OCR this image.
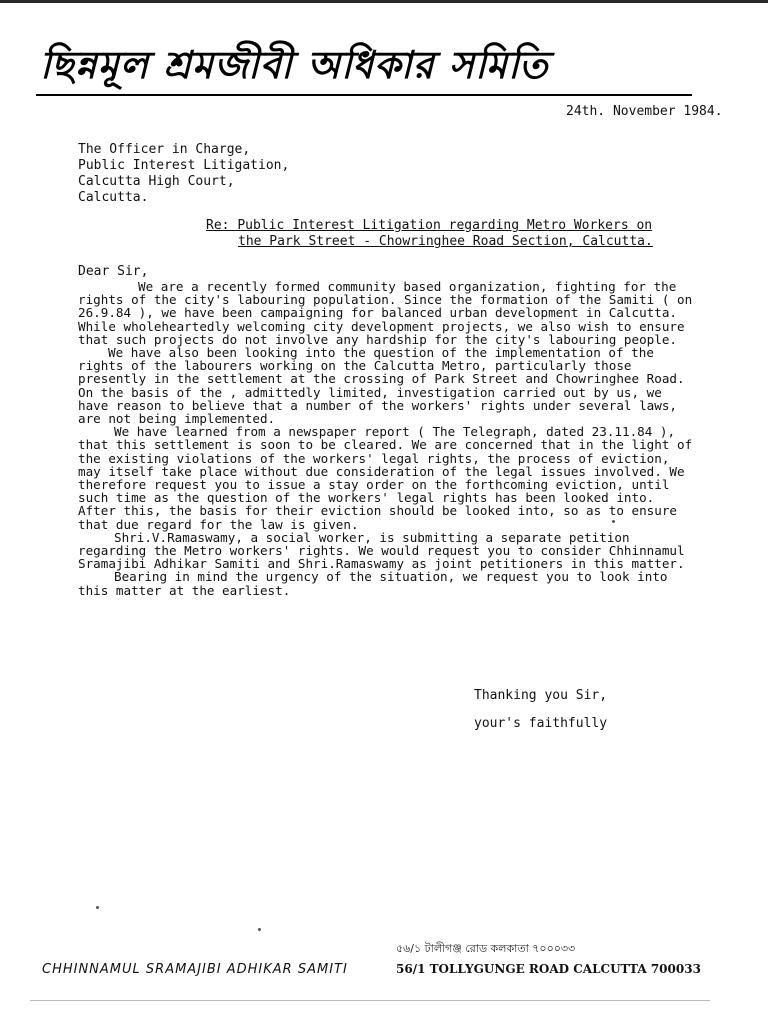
ছিন্নমূল শ্রমজীবী অধিকার সমিতি
24th. November 1984.
The Officer in Charge,
Public Interest Litigation,
Calcutta High Court,
Calcutta.
Re: Public Interest Litigation regarding Metro Workers on
the Park Street - Chowringhee Road Section, Calcutta.
Dear Sir,

We are a recently formed community based organization, fighting for the rights of the city's labouring population. Since the formation of the Samiti ( on 26.9.84 ), we have been campaigning for balanced urban development in Calcutta. While wholeheartedly welcoming city development projects, we also wish to ensure that such projects do not involve any hardship for the city's labouring people.

We have also been looking into the question of the implementation of the rights of the labourers working on the Calcutta Metro, particularly those presently in the settlement at the crossing of Park Street and Chowringhee Road. On the basis of the , admittedly limited, investigation carried out by us, we have reason to believe that a number of the workers' rights under several laws, are not being implemented.

We have learned from a newspaper report ( The Telegraph, dated 23.11.84 ), that this settlement is soon to be cleared. We are concerned that in the light of the existing violations of the workers' legal rights, the process of eviction, may itself take place without due consideration of the legal issues involved. We therefore request you to issue a stay order on the forthcoming eviction, until such time as the question of the workers' legal rights has been looked into. After this, the basis for their eviction should be looked into, so as to ensure that due regard for the law is given.

Shri.V.Ramaswamy, a social worker, is submitting a separate petition regarding the Metro workers' rights. We would request you to consider Chhinnamul Sramajibi Adhikar Samiti and Shri.Ramaswamy as joint petitioners in this matter.

Bearing in mind the urgency of the situation, we request you to look into this matter at the earliest.

Thanking you Sir,
your's faithfully
৫৬/১ টালীগঞ্জ রোড কলকাতা ৭০০০৩৩
CHHINNAMUL SRAMAJIBI ADHIKAR SAMITI	56/1 TOLLYGUNGE ROAD CALCUTTA 700033
